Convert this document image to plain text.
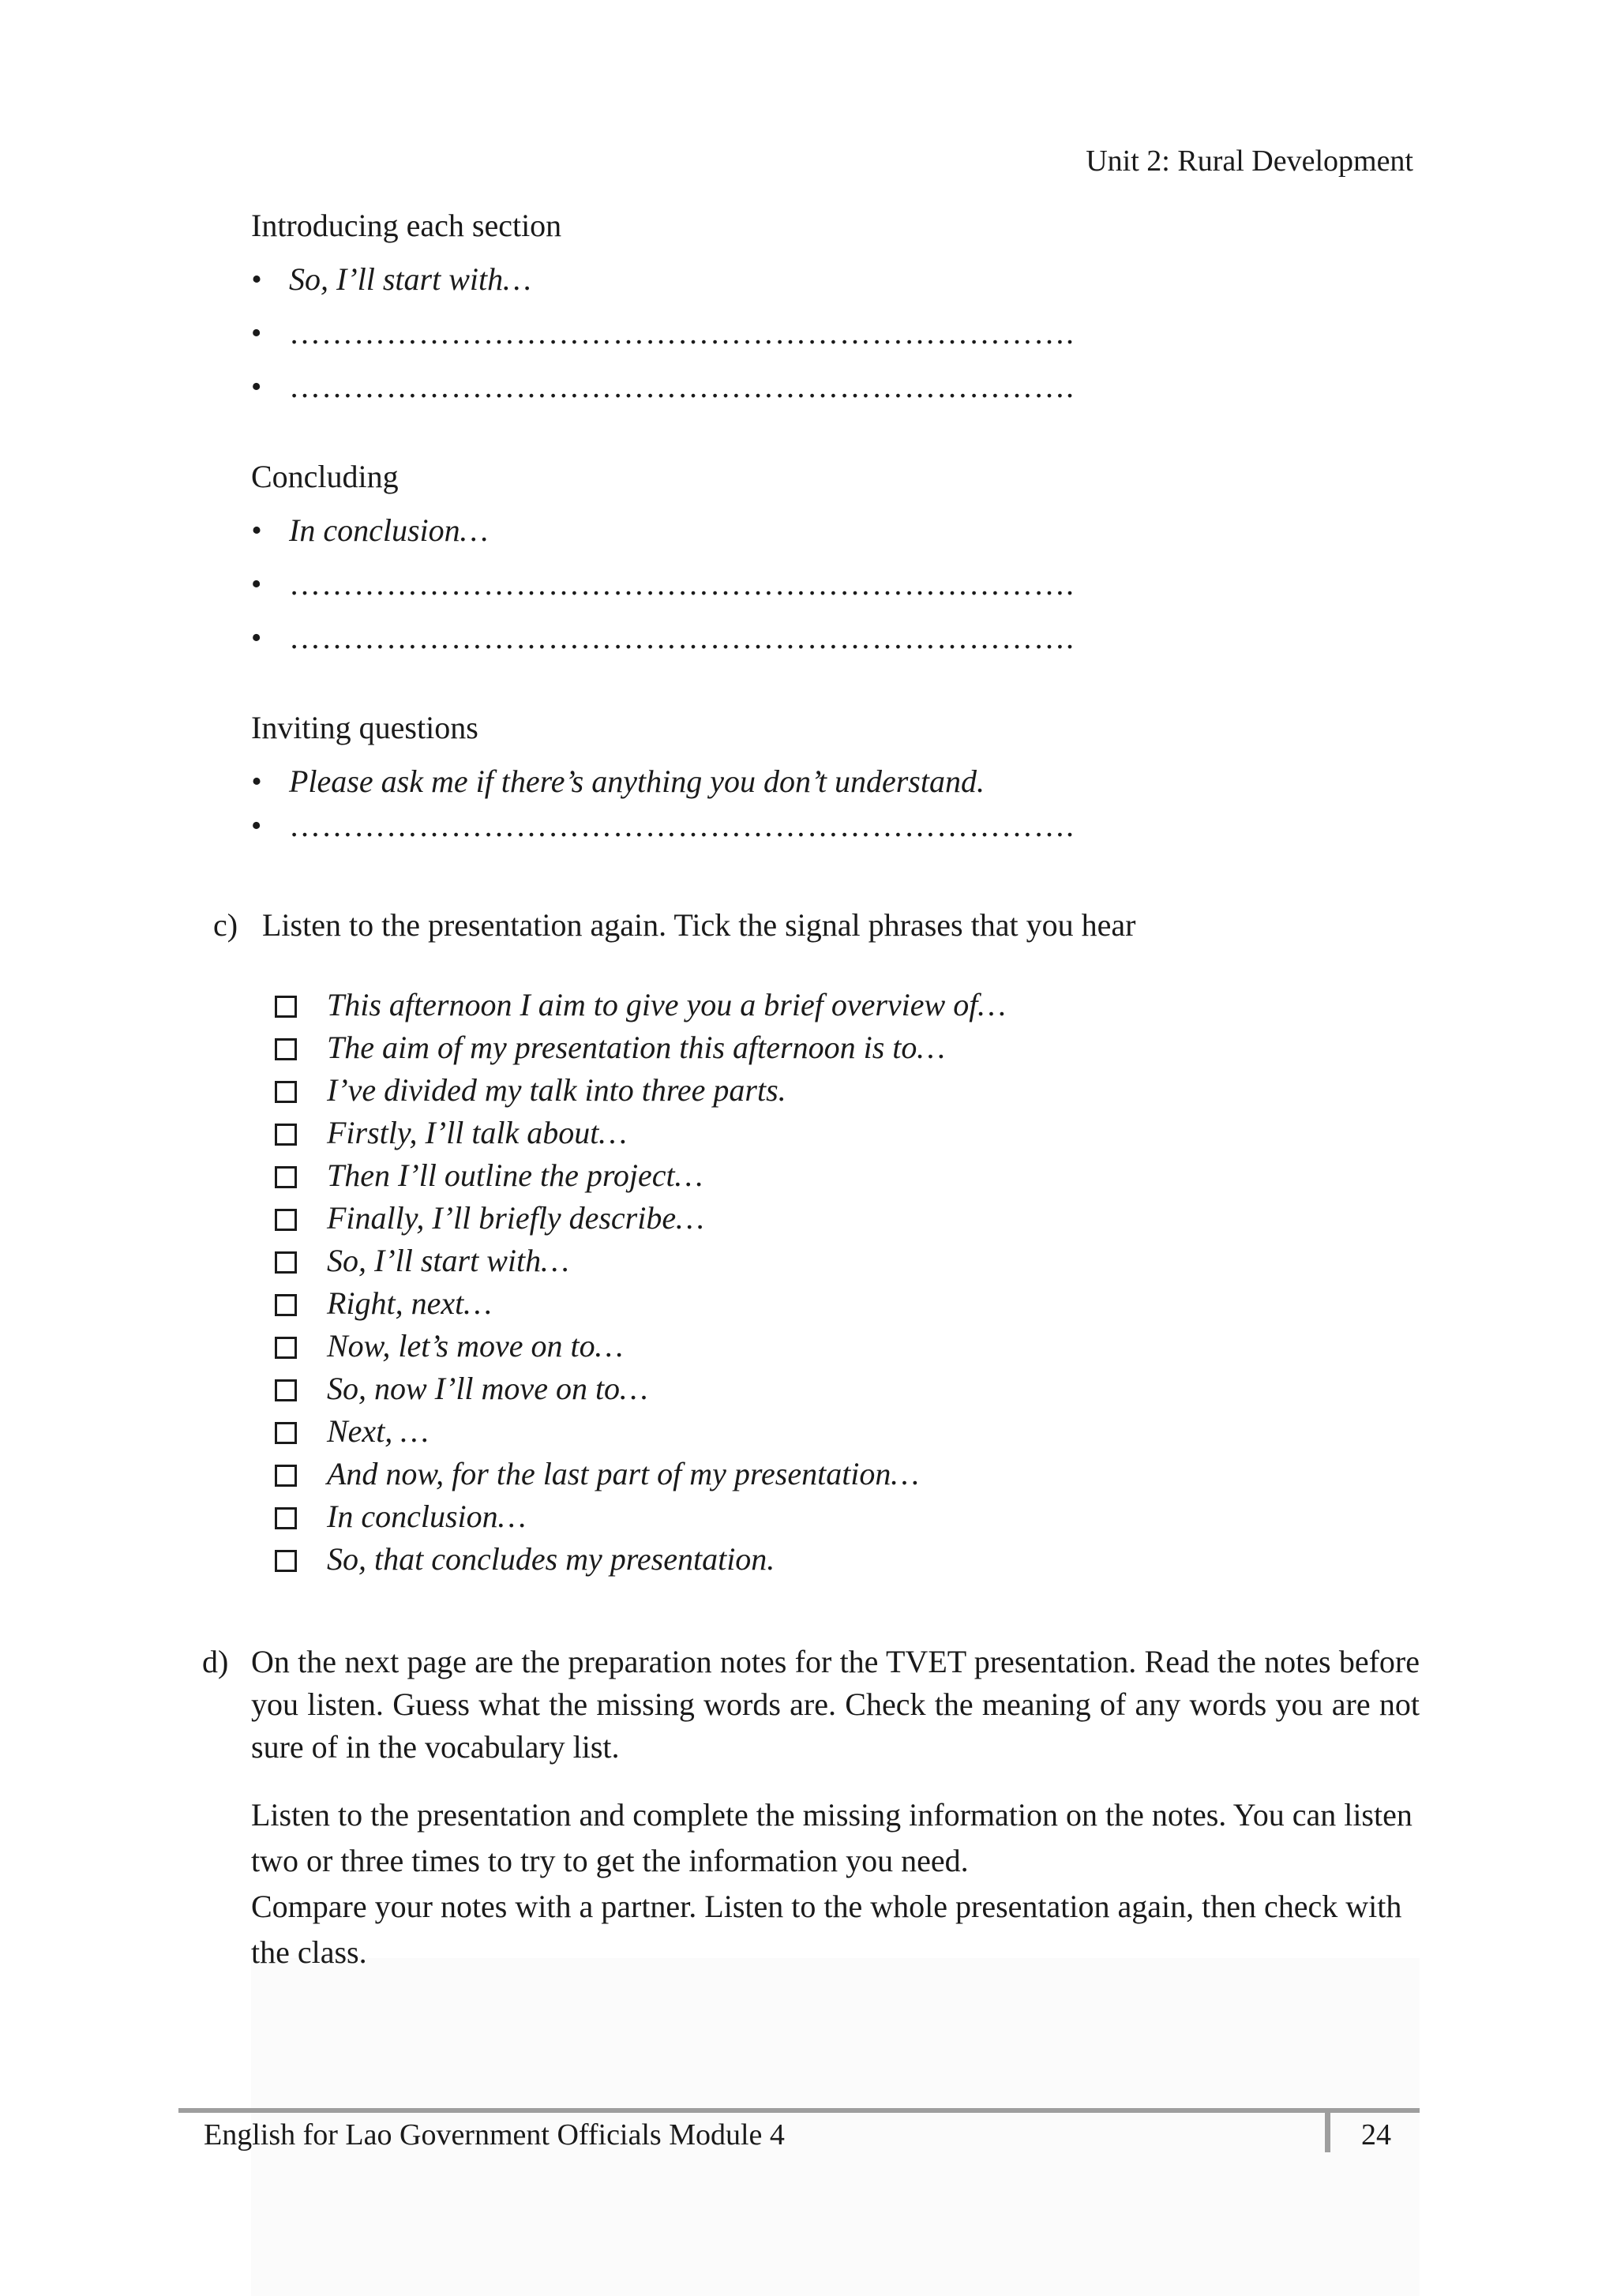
Unit 2: Rural Development

Introducing each section

• So, I’ll start with…
• ……………………………………………………………….
• ……………………………………………………………….

Concluding

• In conclusion…
• ……………………………………………………………….
• ……………………………………………………………….

Inviting questions

• Please ask me if there’s anything you don’t understand.
• ……………………………………………………………….
c) Listen to the presentation again. Tick the signal phrases that you hear
This afternoon I aim to give you a brief overview of…
The aim of my presentation this afternoon is to…
I’ve divided my talk into three parts.
Firstly, I’ll talk about…
Then I’ll outline the project…
Finally, I’ll briefly describe…
So, I’ll start with…
Right, next…
Now, let’s move on to…
So, now I’ll move on to…
Next, …
And now, for the last part of my presentation…
In conclusion…
So, that concludes my presentation.
d) On the next page are the preparation notes for the TVET presentation. Read the notes before you listen. Guess what the missing words are. Check the meaning of any words you are not sure of in the vocabulary list.
Listen to the presentation and complete the missing information on the notes. You can listen two or three times to try to get the information you need.
Compare your notes with a partner. Listen to the whole presentation again, then check with the class.
English for Lao Government Officials Module 4	24
